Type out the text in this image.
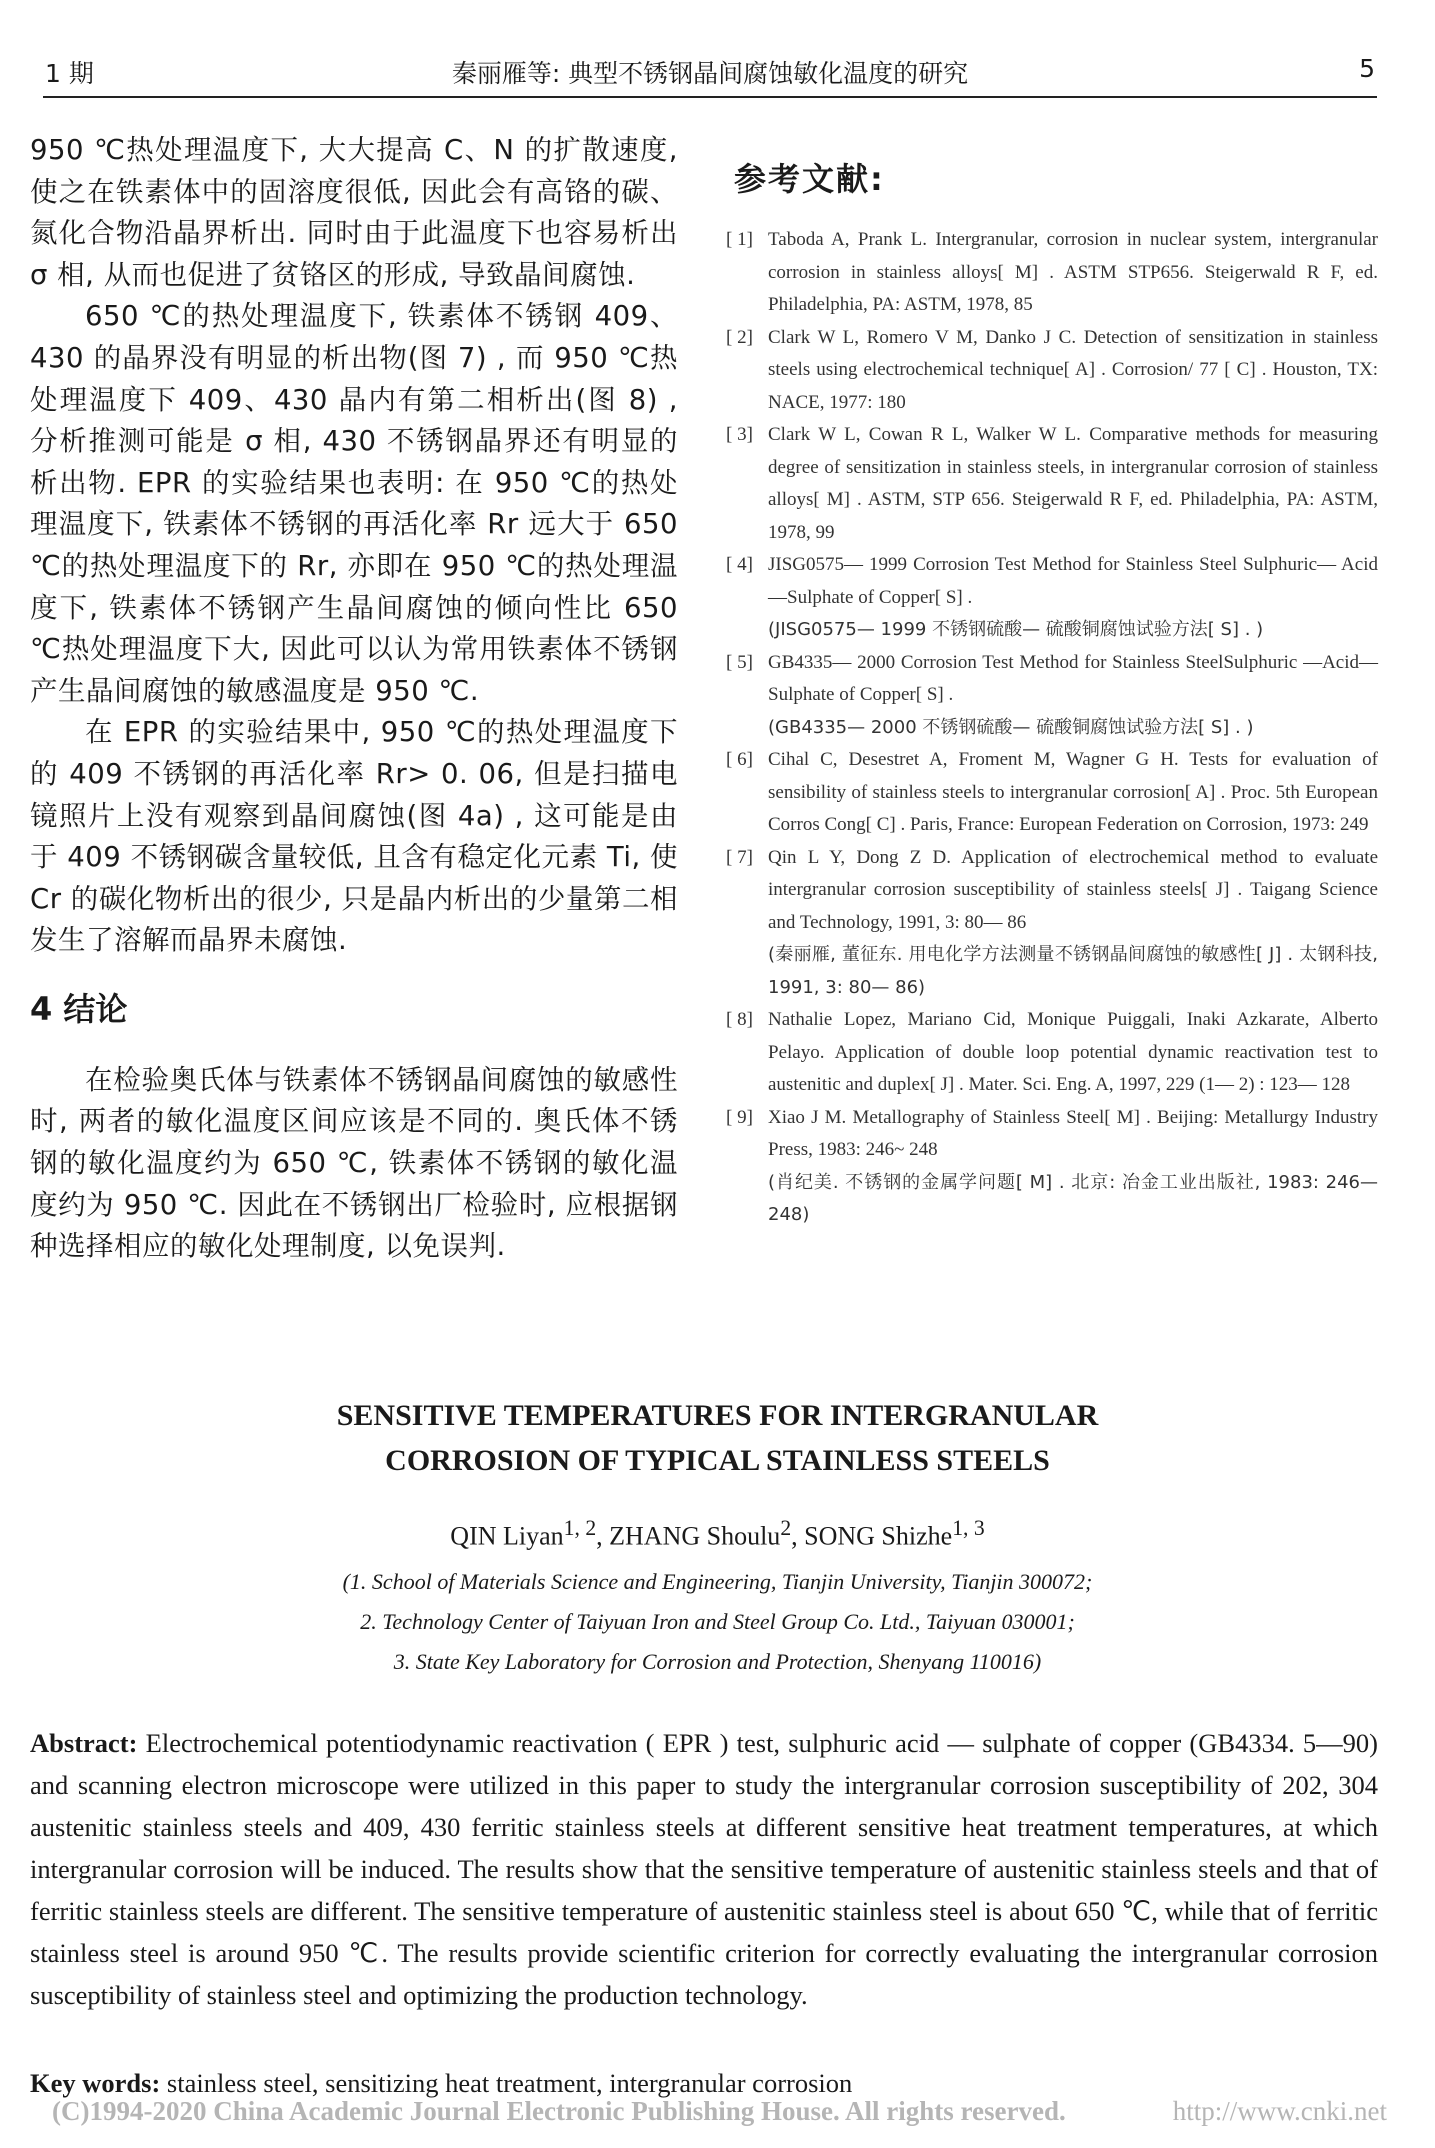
1 期	秦丽雁等: 典型不锈钢晶间腐蚀敏化温度的研究	5

950 ℃热处理温度下, 大大提高 C、N 的扩散速度, 使之在铁素体中的固溶度很低, 因此会有高铬的碳、氮化合物沿晶界析出. 同时由于此温度下也容易析出 σ 相, 从而也促进了贫铬区的形成, 导致晶间腐蚀.

650 ℃的热处理温度下, 铁素体不锈钢 409、430 的晶界没有明显的析出物(图 7) , 而 950 ℃热处理温度下 409、430 晶内有第二相析出(图 8) , 分析推测可能是 σ 相, 430 不锈钢晶界还有明显的析出物. EPR 的实验结果也表明: 在 950 ℃的热处理温度下, 铁素体不锈钢的再活化率 Rr 远大于 650 ℃的热处理温度下的 Rr, 亦即在 950 ℃的热处理温度下, 铁素体不锈钢产生晶间腐蚀的倾向性比 650 ℃热处理温度下大, 因此可以认为常用铁素体不锈钢产生晶间腐蚀的敏感温度是 950 ℃.

在 EPR 的实验结果中, 950 ℃的热处理温度下的 409 不锈钢的再活化率 Rr> 0. 06, 但是扫描电镜照片上没有观察到晶间腐蚀(图 4a) , 这可能是由于 409 不锈钢碳含量较低, 且含有稳定化元素 Ti, 使 Cr 的碳化物析出的很少, 只是晶内析出的少量第二相发生了溶解而晶界未腐蚀.

4 结论

在检验奥氏体与铁素体不锈钢晶间腐蚀的敏感性时, 两者的敏化温度区间应该是不同的. 奥氏体不锈钢的敏化温度约为 650 ℃, 铁素体不锈钢的敏化温度约为 950 ℃. 因此在不锈钢出厂检验时, 应根据钢种选择相应的敏化处理制度, 以免误判.

参考文献:
[ 1] Taboda A, Prank L. Intergranular, corrosion in nuclear system, intergranular corrosion in stainless alloys[ M] . ASTM STP656. Steigerwald R F, ed. Philadelphia, PA: ASTM, 1978, 85
[ 2] Clark W L, Romero V M, Danko J C. Detection of sensitization in stainless steels using electrochemical technique[ A] . Corrosion/ 77 [ C] . Houston, TX: NACE, 1977: 180
[ 3] Clark W L, Cowan R L, Walker W L. Comparative methods for measuring degree of sensitization in stainless steels, in intergranular corrosion of stainless alloys[ M] . ASTM, STP 656. Steigerwald R F, ed. Philadelphia, PA: ASTM, 1978, 99
[ 4] JISG0575— 1999 Corrosion Test Method for Stainless Steel Sulphuric— Acid—Sulphate of Copper[ S] .
(JISG0575— 1999 不锈钢硫酸— 硫酸铜腐蚀试验方法[ S] . )
[ 5] GB4335— 2000 Corrosion Test Method for Stainless SteelSulphuric —Acid— Sulphate of Copper[ S] .
(GB4335— 2000 不锈钢硫酸— 硫酸铜腐蚀试验方法[ S] . )
[ 6] Cihal C, Desestret A, Froment M, Wagner G H. Tests for evaluation of sensibility of stainless steels to intergranular corrosion[ A] . Proc. 5th European Corros Cong[ C] . Paris, France: European Federation on Corrosion, 1973: 249
[ 7] Qin L Y, Dong Z D. Application of electrochemical method to evaluate intergranular corrosion susceptibility of stainless steels[ J] . Taigang Science and Technology, 1991, 3: 80— 86
(秦丽雁, 董征东. 用电化学方法测量不锈钢晶间腐蚀的敏感性[ J] . 太钢科技, 1991, 3: 80— 86)
[ 8] Nathalie Lopez, Mariano Cid, Monique Puiggali, Inaki Azkarate, Alberto Pelayo. Application of double loop potential dynamic reactivation test to austenitic and duplex[ J] . Mater. Sci. Eng. A, 1997, 229 (1— 2) : 123— 128
[ 9] Xiao J M. Metallography of Stainless Steel[ M] . Beijing: Metallurgy Industry Press, 1983: 246~ 248
(肖纪美. 不锈钢的金属学问题[ M] . 北京: 冶金工业出版社, 1983: 246— 248)
SENSITIVE TEMPERATURES FOR INTERGRANULAR
CORROSION OF TYPICAL STAINLESS STEELS
QIN Liyan$^{1, 2}$, ZHANG Shoulu$^2$, SONG Shizhe$^{1, 3}$
(1. School of Materials Science and Engineering, Tianjin University, Tianjin 300072;
2. Technology Center of Taiyuan Iron and Steel Group Co. Ltd., Taiyuan 030001;
3. State Key Laboratory for Corrosion and Protection, Shenyang 110016)

Abstract: Electrochemical potentiodynamic reactivation ( EPR ) test, sulphuric acid — sulphate of copper (GB4334. 5—90) and scanning electron microscope were utilized in this paper to study the intergranular corrosion susceptibility of 202, 304 austenitic stainless steels and 409, 430 ferritic stainless steels at different sensitive heat treatment temperatures, at which intergranular corrosion will be induced. The results show that the sensitive temperature of austenitic stainless steels and that of ferritic stainless steels are different. The sensitive temperature of austenitic stainless steel is about 650 ℃, while that of ferritic stainless steel is around 950 ℃. The results provide scientific criterion for correctly evaluating the intergranular corrosion susceptibility of stainless steel and optimizing the production technology.

Key words: stainless steel, sensitizing heat treatment, intergranular corrosion
(C)1994-2020 China Academic Journal Electronic Publishing House. All rights reserved.	http://www.cnki.net
